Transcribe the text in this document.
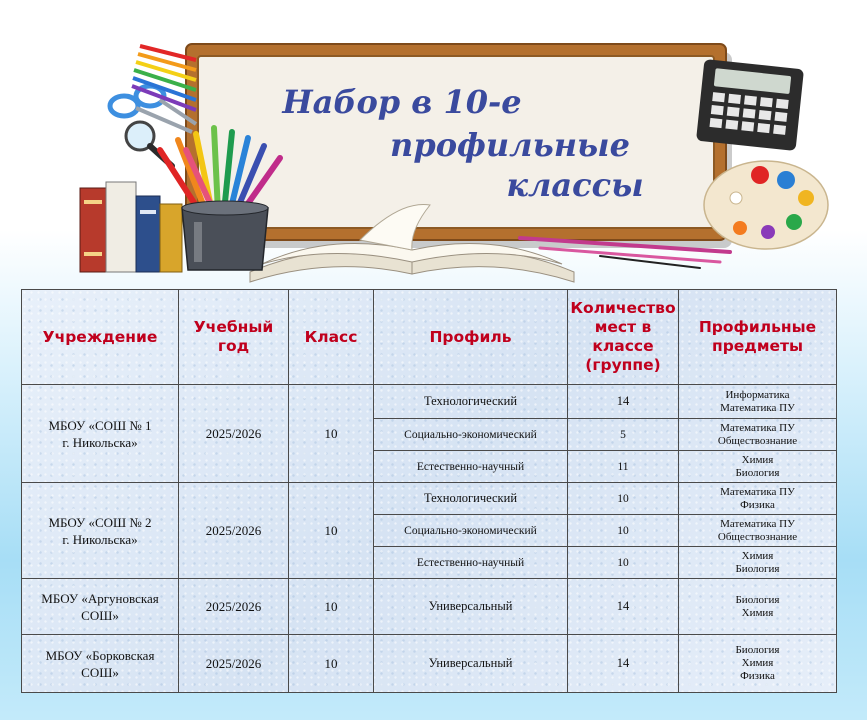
Набор в 10-е
профильные
классы
Учреждение	Учебный год	Класс	Профиль	Количество мест в классе (группе)	Профильные предметы

МБОУ «СОШ № 1
г. Никольска»	2025/2026	10	Технологический	14	Информатика
Математика ПУ

			Социально-экономический	5	Математика ПУ
Обществознание

			Естественно-научный	11	Химия
Биология

МБОУ «СОШ № 2
г. Никольска»	2025/2026	10	Технологический	10	Математика ПУ
Физика

			Социально-экономический	10	Математика ПУ
Обществознание

			Естественно-научный	10	Химия
Биология

МБОУ «Аргуновская
СОШ»	2025/2026	10	Универсальный	14	Биология
Химия

МБОУ «Борковская
СОШ»	2025/2026	10	Универсальный	14	Биология
Химия
Физика
